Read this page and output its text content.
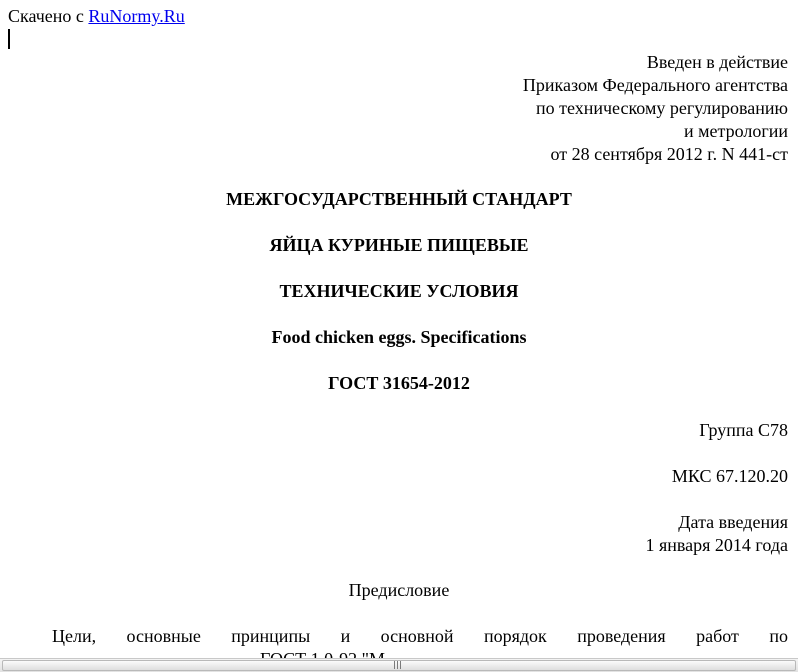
Скачено с RuNormy.Ru
Введен в действие
Приказом Федерального агентства
по техническому регулированию
и метрологии
от 28 сентября 2012 г. N 441-ст
МЕЖГОСУДАРСТВЕННЫЙ СТАНДАРТ
ЯЙЦА КУРИНЫЕ ПИЩЕВЫЕ
ТЕХНИЧЕСКИЕ УСЛОВИЯ
Food chicken eggs. Specifications
ГОСТ 31654-2012
Группа С78
МКС 67.120.20
Дата введения
1 января 2014 года
Предисловие
Цели, основные принципы и основной порядок проведения работ по
